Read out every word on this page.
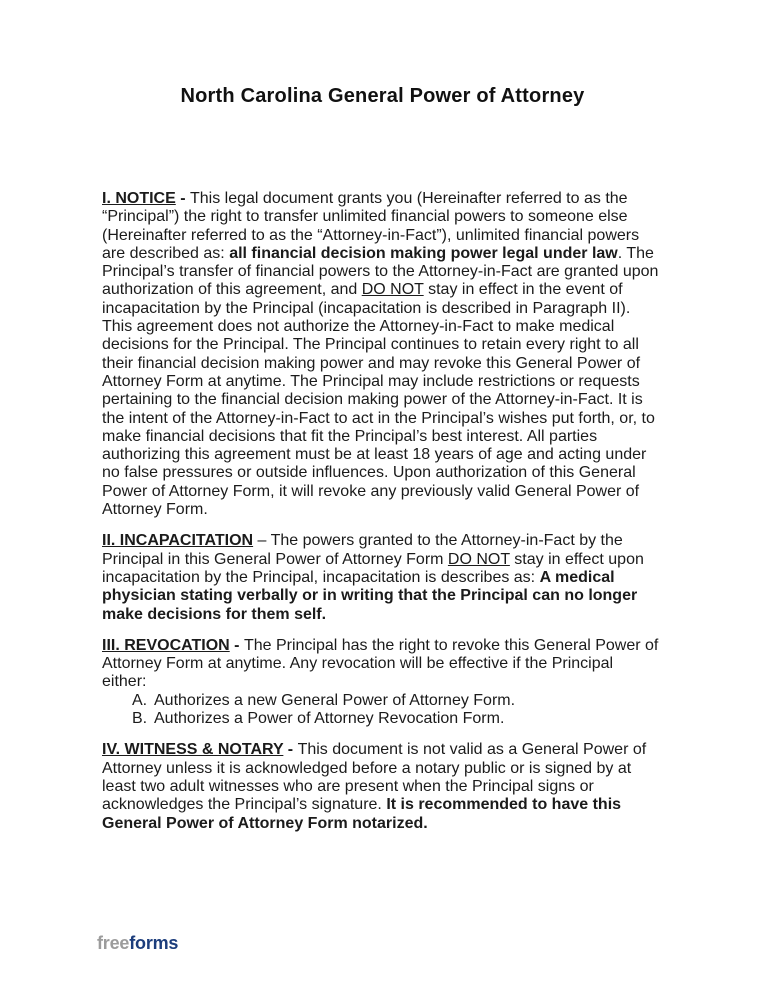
North Carolina General Power of Attorney

I. NOTICE - This legal document grants you (Hereinafter referred to as the “Principal”) the right to transfer unlimited financial powers to someone else (Hereinafter referred to as the “Attorney-in-Fact”), unlimited financial powers are described as: all financial decision making power legal under law. The Principal’s transfer of financial powers to the Attorney-in-Fact are granted upon authorization of this agreement, and DO NOT stay in effect in the event of incapacitation by the Principal (incapacitation is described in Paragraph II). This agreement does not authorize the Attorney-in-Fact to make medical decisions for the Principal. The Principal continues to retain every right to all their financial decision making power and may revoke this General Power of Attorney Form at anytime. The Principal may include restrictions or requests pertaining to the financial decision making power of the Attorney-in-Fact. It is the intent of the Attorney-in-Fact to act in the Principal’s wishes put forth, or, to make financial decisions that fit the Principal’s best interest. All parties authorizing this agreement must be at least 18 years of age and acting under no false pressures or outside influences. Upon authorization of this General Power of Attorney Form, it will revoke any previously valid General Power of Attorney Form.

II. INCAPACITATION – The powers granted to the Attorney-in-Fact by the Principal in this General Power of Attorney Form DO NOT stay in effect upon incapacitation by the Principal, incapacitation is describes as: A medical physician stating verbally or in writing that the Principal can no longer make decisions for them self.

III. REVOCATION - The Principal has the right to revoke this General Power of Attorney Form at anytime. Any revocation will be effective if the Principal either:

A. Authorizes a new General Power of Attorney Form.
B. Authorizes a Power of Attorney Revocation Form.

IV. WITNESS & NOTARY - This document is not valid as a General Power of Attorney unless it is acknowledged before a notary public or is signed by at least two adult witnesses who are present when the Principal signs or acknowledges the Principal’s signature. It is recommended to have this General Power of Attorney Form notarized.

freeforms
